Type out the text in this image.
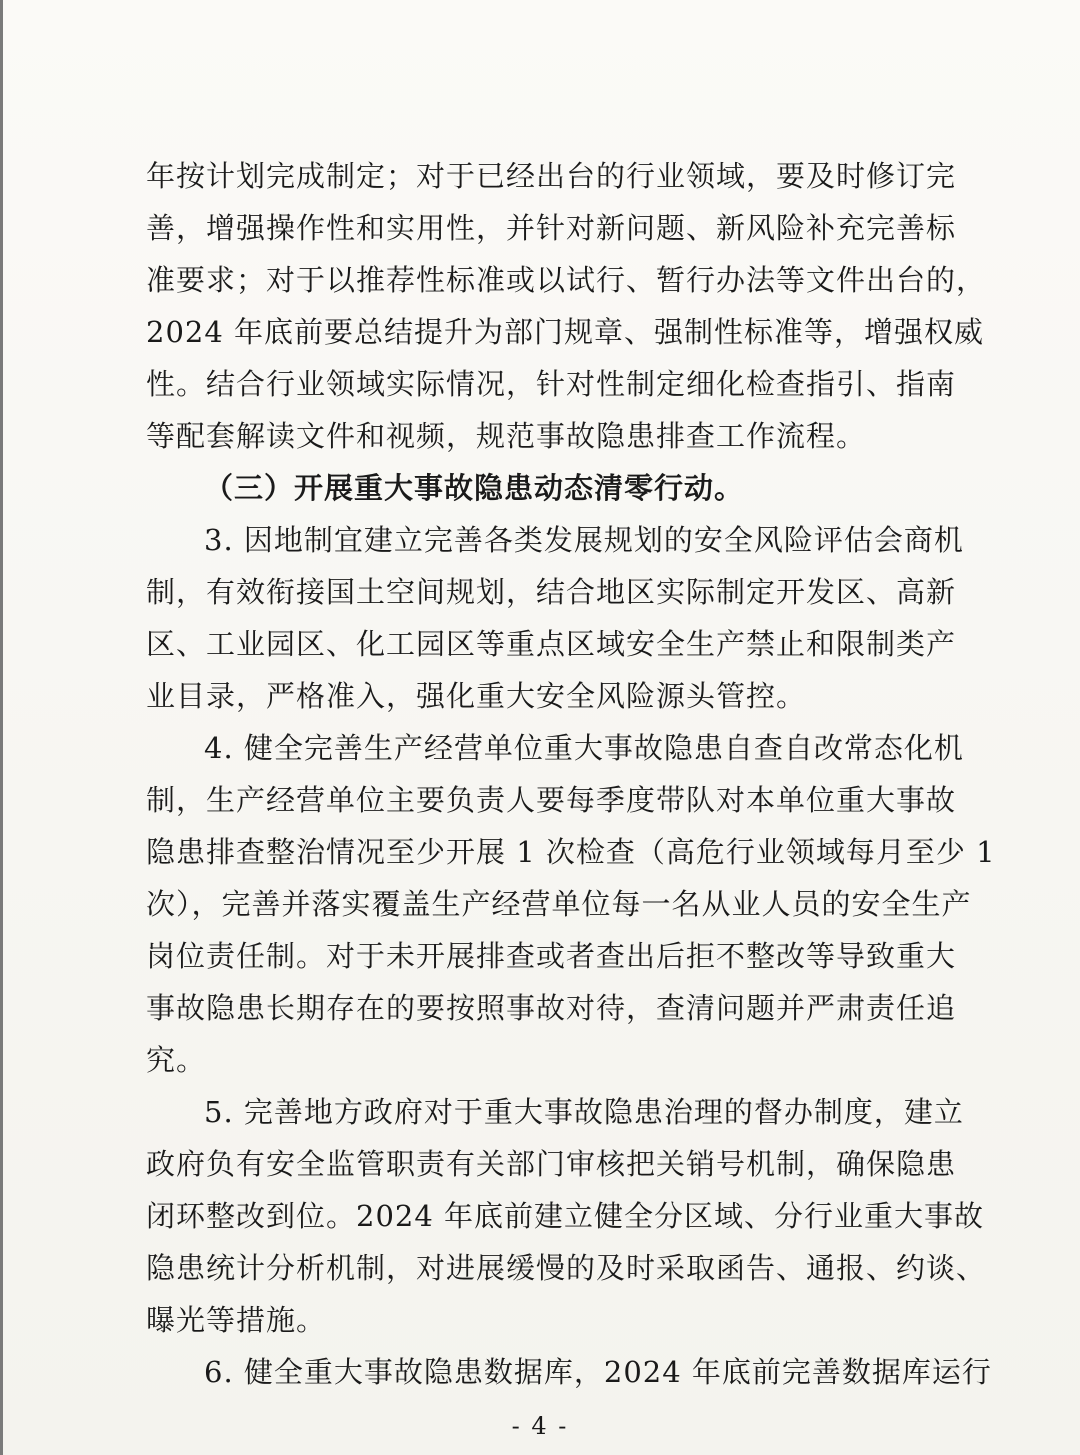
年按计划完成制定；对于已经出台的行业领域，要及时修订完
善，增强操作性和实用性，并针对新问题、新风险补充完善标
准要求；对于以推荐性标准或以试行、暂行办法等文件出台的，
2024 年底前要总结提升为部门规章、强制性标准等，增强权威
性。结合行业领域实际情况，针对性制定细化检查指引、指南
等配套解读文件和视频，规范事故隐患排查工作流程。
（三）开展重大事故隐患动态清零行动。
3. 因地制宜建立完善各类发展规划的安全风险评估会商机
制，有效衔接国土空间规划，结合地区实际制定开发区、高新
区、工业园区、化工园区等重点区域安全生产禁止和限制类产
业目录，严格准入，强化重大安全风险源头管控。
4. 健全完善生产经营单位重大事故隐患自查自改常态化机
制，生产经营单位主要负责人要每季度带队对本单位重大事故
隐患排查整治情况至少开展 1 次检查（高危行业领域每月至少 1
次），完善并落实覆盖生产经营单位每一名从业人员的安全生产
岗位责任制。对于未开展排查或者查出后拒不整改等导致重大
事故隐患长期存在的要按照事故对待，查清问题并严肃责任追
究。
5. 完善地方政府对于重大事故隐患治理的督办制度，建立
政府负有安全监管职责有关部门审核把关销号机制，确保隐患
闭环整改到位。2024 年底前建立健全分区域、分行业重大事故
隐患统计分析机制，对进展缓慢的及时采取函告、通报、约谈、
曝光等措施。
6. 健全重大事故隐患数据库，2024 年底前完善数据库运行
- 4 -
